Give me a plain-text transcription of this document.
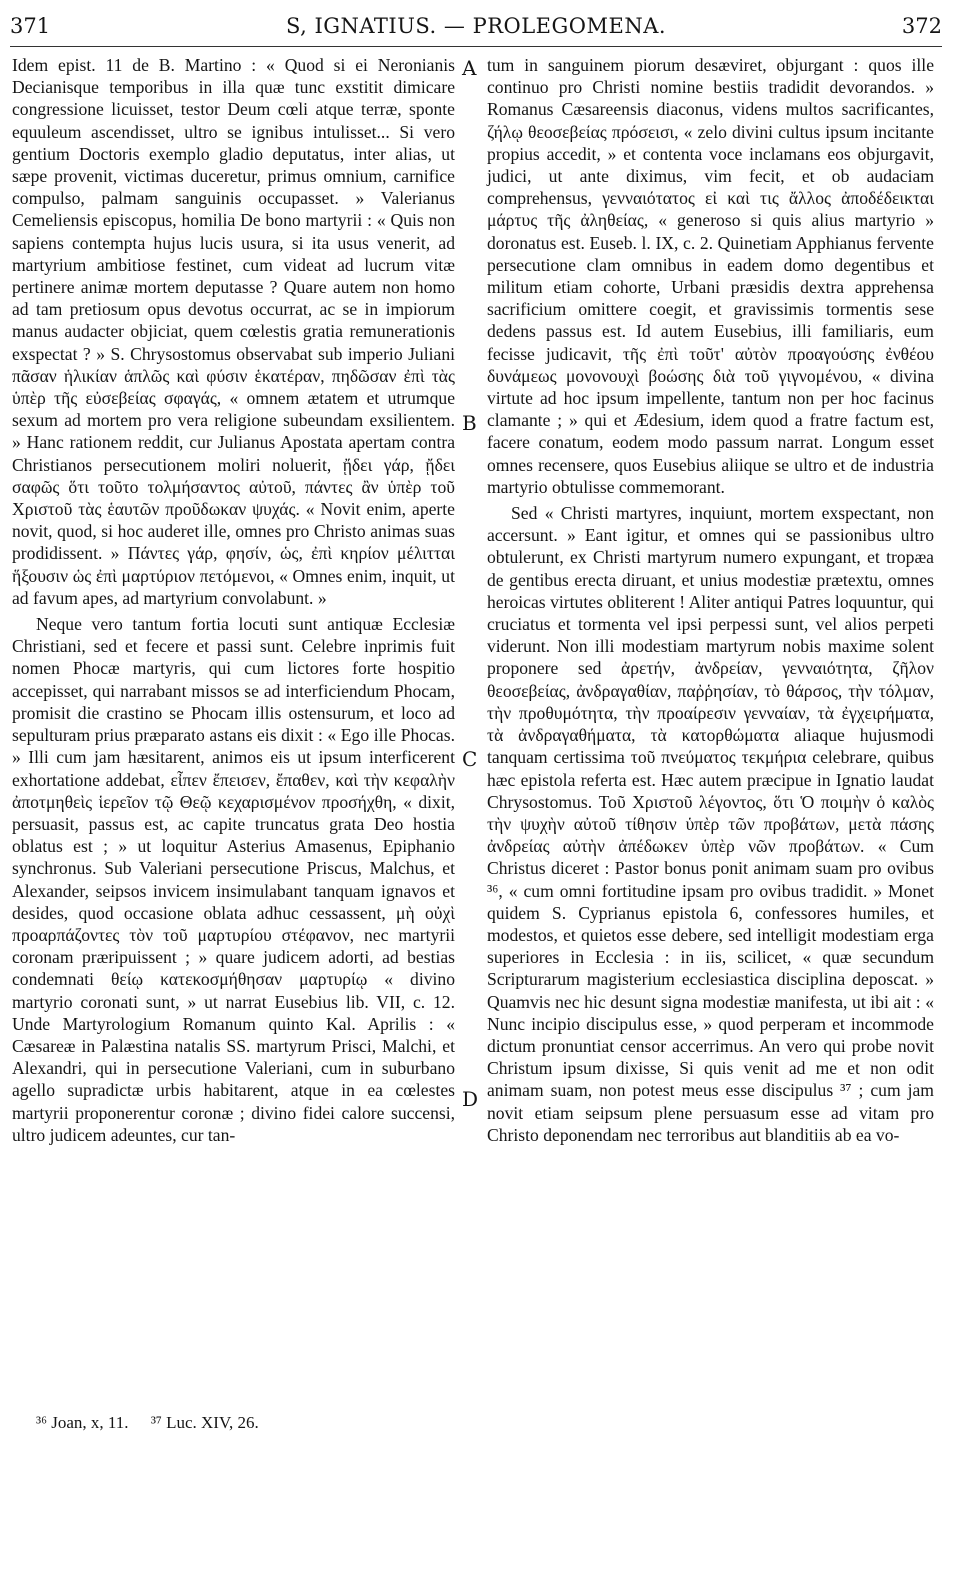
S, IGNATIUS. — PROLEGOMENA.
371	372

Idem epist. 11 de B. Martino : « Quod si ei Neronianis Decianisque temporibus in illa quæ tunc exstitit dimicare congressione licuisset, testor Deum cœli atque terræ, sponte equuleum ascendisset, ultro se ignibus intulisset... Si vero gentium Doctoris exemplo gladio deputatus, inter alias, ut sæpe provenit, victimas duceretur, primus omnium, carnifice compulso, palmam sanguinis occupasset. » Valerianus Cemeliensis episcopus, homilia De bono martyrii : « Quis non sapiens contempta hujus lucis usura, si ita usus venerit, ad martyrium ambitiose festinet, cum videat ad lucrum vitæ pertinere animæ mortem deputasse ? Quare autem non homo ad tam pretiosum opus devotus occurrat, ac se in impiorum manus audacter objiciat, quem cœlestis gratia remunerationis exspectat ? » S. Chrysostomus observabat sub imperio Juliani πᾶσαν ἡλικίαν ἁπλῶς καὶ φύσιν ἑκατέραν, πηδῶσαν ἐπὶ τὰς ὑπὲρ τῆς εὐσεβείας σφαγάς, « omnem ætatem et utrumque sexum ad mortem pro vera religione subeundam exsilientem. » Hanc rationem reddit, cur Julianus Apostata apertam contra Christianos persecutionem moliri noluerit, ᾔδει γάρ, ᾔδει σαφῶς ὅτι τοῦτο τολμήσαντος αὐτοῦ, πάντες ἂν ὑπὲρ τοῦ Χριστοῦ τὰς ἑαυτῶν προῦδωκαν ψυχάς. « Novit enim, aperte novit, quod, si hoc auderet ille, omnes pro Christo animas suas prodidissent. » Πάντες γάρ, φησίν, ὡς, ἐπὶ κηρίον μέλιτται ἥξουσιν ὡς ἐπὶ μαρτύριον πετόμενοι, « Omnes enim, inquit, ut ad favum apes, ad martyrium convolabunt. »

Neque vero tantum fortia locuti sunt antiquæ Ecclesiæ Christiani, sed et fecere et passi sunt. Celebre inprimis fuit nomen Phocæ martyris, qui cum lictores forte hospitio accepisset, qui narrabant missos se ad interficiendum Phocam, promisit die crastino se Phocam illis ostensurum, et loco ad sepulturam prius præparato astans eis dixit : « Ego ille Phocas. » Illi cum jam hæsitarent, animos eis ut ipsum interficerent exhortatione addebat, εἶπεν ἔπεισεν, ἔπαθεν, καὶ τὴν κεφαλὴν ἀποτμηθεὶς ἱερεῖον τῷ Θεῷ κεχαρισμένον προσήχθη, « dixit, persuasit, passus est, ac capite truncatus grata Deo hostia oblatus est ; » ut loquitur Asterius Amasenus, Epiphanio synchronus. Sub Valeriani persecutione Priscus, Malchus, et Alexander, seipsos invicem insimulabant tanquam ignavos et desides, quod occasione oblata adhuc cessassent, μὴ οὐχὶ προαρπάζοντες τὸν τοῦ μαρτυρίου στέφανον, nec martyrii coronam præripuissent ; » quare judicem adorti, ad bestias condemnati θείῳ κατεκοσμήθησαν μαρτυρίῳ « divino martyrio coronati sunt, » ut narrat Eusebius lib. VII, c. 12. Unde Martyrologium Romanum quinto Kal. Aprilis : « Cæsareæ in Palæstina natalis SS. martyrum Prisci, Malchi, et Alexandri, qui in persecutione Valeriani, cum in suburbano agello supradictæ urbis habitarent, atque in ea cœlestes martyrii proponerentur coronæ ; divino fidei calore succensi, ultro judicem adeuntes, cur tan-

A
B
C
D

tum in sanguinem piorum desæviret, objurgant : quos ille continuo pro Christi nomine bestiis tradidit devorandos. » Romanus Cæsareensis diaconus, videns multos sacrificantes, ζήλῳ θεοσεβείας πρόσεισι, « zelo divini cultus ipsum incitante propius accedit, » et contenta voce inclamans eos objurgavit, judici, ut ante diximus, vim fecit, et ob audaciam comprehensus, γενναιότατος εἰ καὶ τις ἄλλος ἀποδέδεικται μάρτυς τῆς ἀληθείας, « generoso si quis alius martyrio » doronatus est. Euseb. l. IX, c. 2. Quinetiam Apphianus fervente persecutione clam omnibus in eadem domo degentibus et militum etiam cohorte, Urbani præsidis dextra apprehensa sacrificium omittere coegit, et gravissimis tormentis sese dedens passus est. Id autem Eusebius, illi familiaris, eum fecisse judicavit, τῆς ἐπὶ τοῦτ' αὐτὸν προαγούσης ἐνθέου δυνάμεως μονονουχὶ βοώσης διὰ τοῦ γιγνομένου, « divina virtute ad hoc ipsum impellente, tantum non per hoc facinus clamante ; » qui et Ædesium, idem quod a fratre factum est, facere conatum, eodem modo passum narrat. Longum esset omnes recensere, quos Eusebius aliique se ultro et de industria martyrio obtulisse commemorant.

Sed « Christi martyres, inquiunt, mortem exspectant, non accersunt. » Eant igitur, et omnes qui se passionibus ultro obtulerunt, ex Christi martyrum numero expungant, et tropæa de gentibus erecta diruant, et unius modestiæ prætextu, omnes heroicas virtutes obliterent ! Aliter antiqui Patres loquuntur, qui cruciatus et tormenta vel ipsi perpessi sunt, vel alios perpeti viderunt. Non illi modestiam martyrum nobis maxime solent proponere sed ἀρετήν, ἀνδρείαν, γενναιότητα, ζῆλον θεοσεβείας, ἀνδραγαθίαν, παῤῥησίαν, τὸ θάρσος, τὴν τόλμαν, τὴν προθυμότητα, τὴν προαίρεσιν γενναίαν, τὰ ἐγχειρήματα, τὰ ἀνδραγαθήματα, τὰ κατορθώματα aliaque hujusmodi tanquam certissima τοῦ πνεύματος τεκμήρια celebrare, quibus hæc epistola referta est. Hæc autem præcipue in Ignatio laudat Chrysostomus. Τοῦ Χριστοῦ λέγοντος, ὅτι Ὁ ποιμὴν ὁ καλὸς τὴν ψυχὴν αὐτοῦ τίθησιν ὑπὲρ τῶν προβάτων, μετὰ πάσης ἀνδρείας αὐτὴν ἀπέδωκεν ὑπὲρ νῶν προβάτων. « Cum Christus diceret : Pastor bonus ponit animam suam pro ovibus ³⁶, « cum omni fortitudine ipsam pro ovibus tradidit. » Monet quidem S. Cyprianus epistola 6, confessores humiles, et modestos, et quietos esse debere, sed intelligit modestiam erga superiores in Ecclesia : in iis, scilicet, « quæ secundum Scripturarum magisterium ecclesiastica disciplina deposcat. » Quamvis nec hic desunt signa modestiæ manifesta, ut ibi ait : « Nunc incipio discipulus esse, » quod perperam et incommode dictum pronuntiat censor accerrimus. An vero qui probe novit Christum ipsum dixisse, Si quis venit ad me et non odit animam suam, non potest meus esse discipulus ³⁷ ; cum jam novit etiam seipsum plene persuasum esse ad vitam pro Christo deponendam nec terroribus aut blanditiis ab ea vo-

³⁶ Joan, x, 11. ³⁷ Luc. XIV, 26.
